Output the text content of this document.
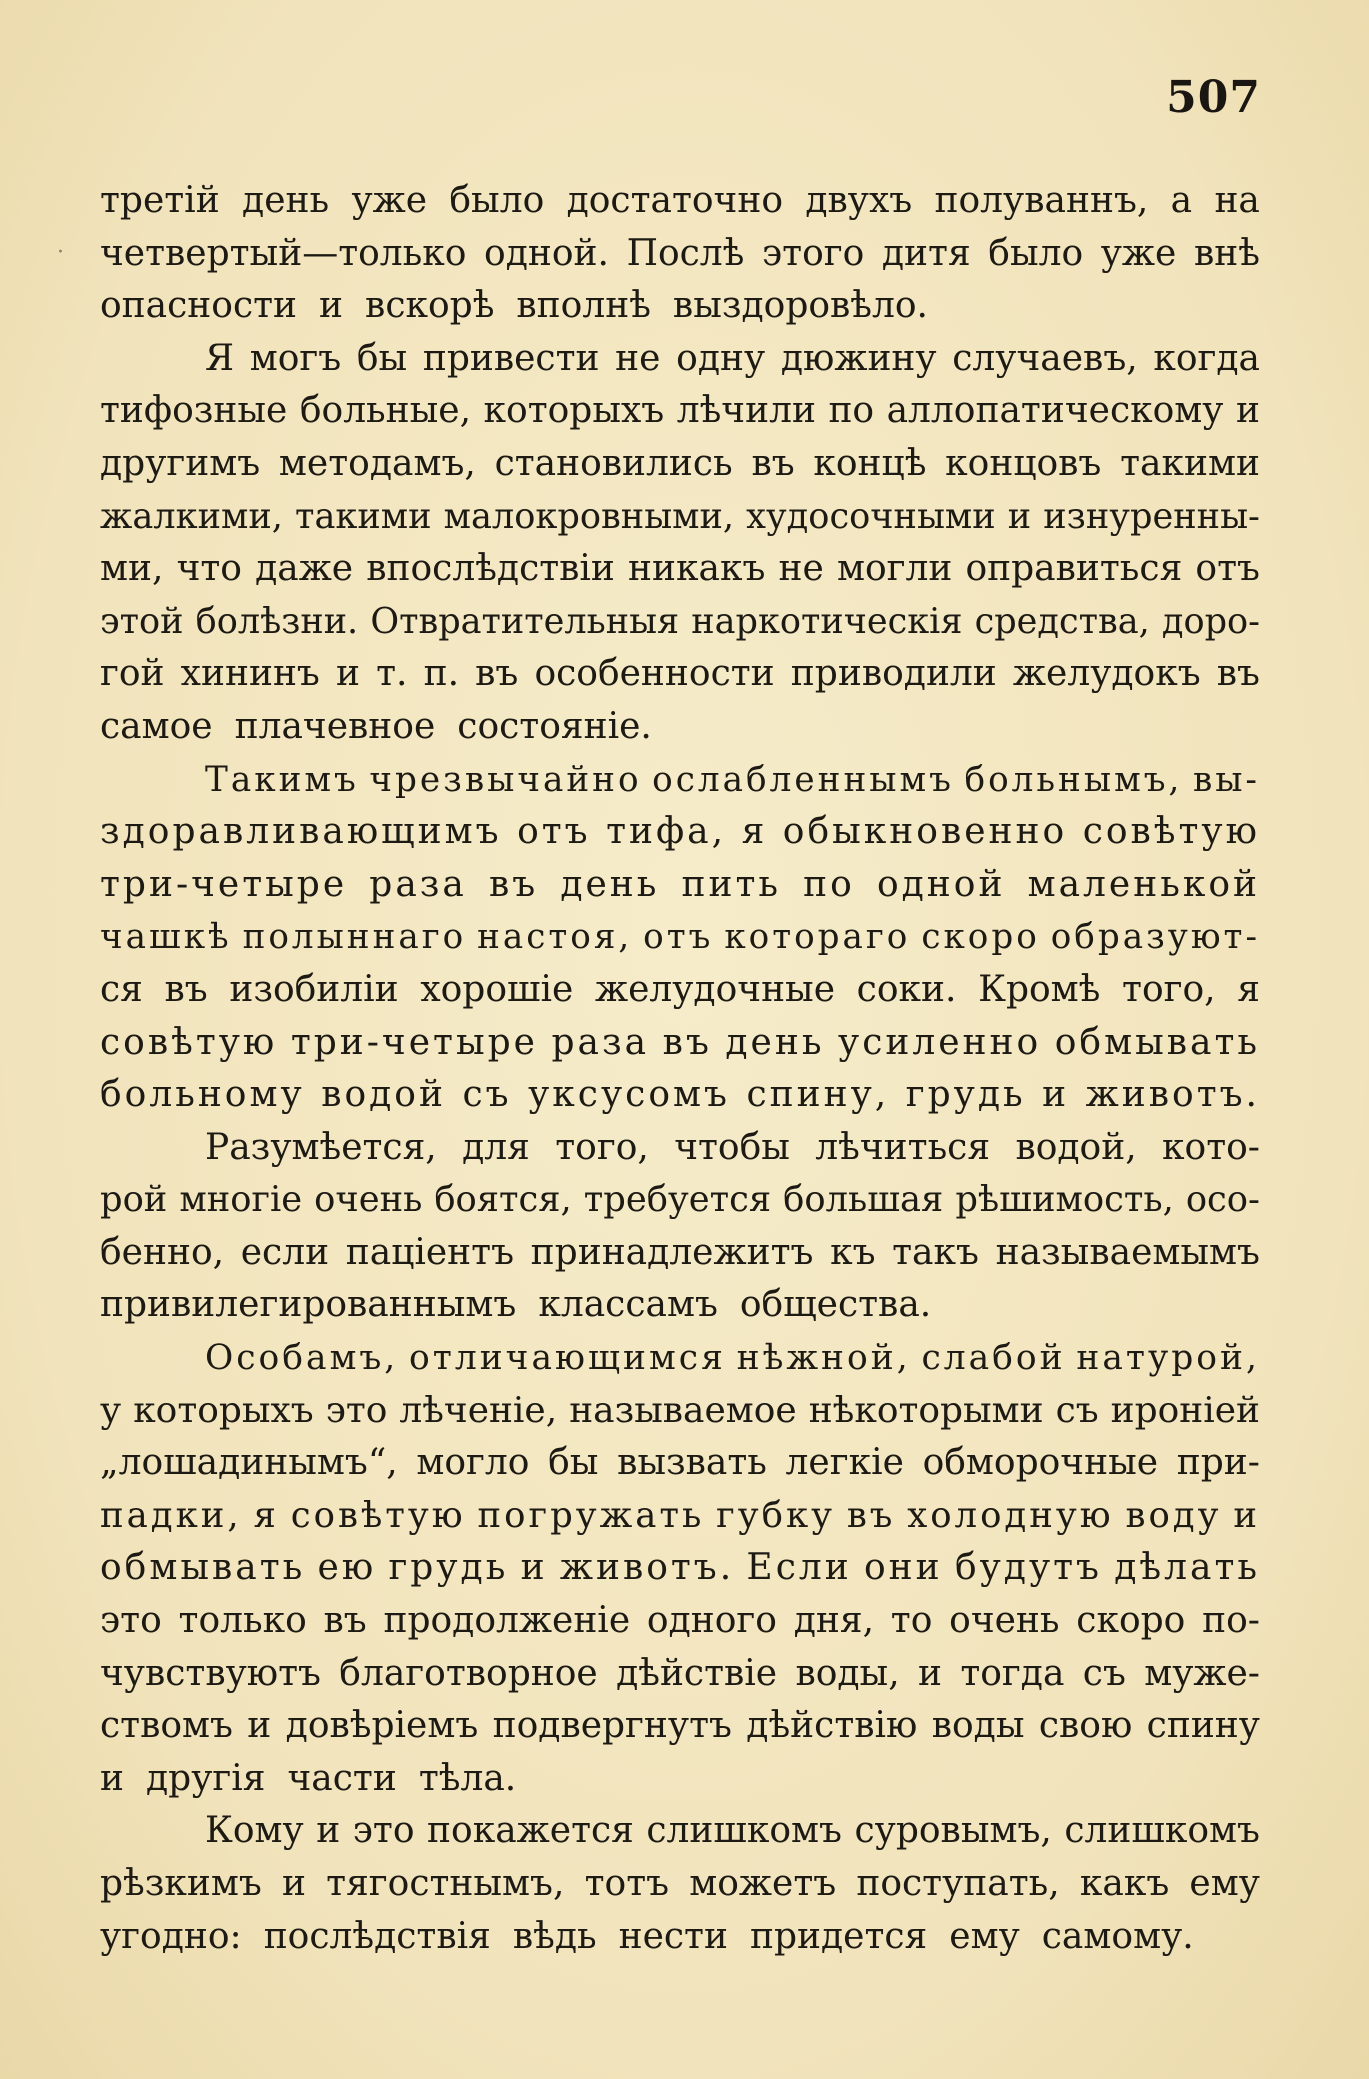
507
·
третій день уже было достаточно двухъ полуваннъ, а на
четвертый—только одной. Послѣ этого дитя было уже внѣ
опасности и вскорѣ вполнѣ выздоровѣло.
Я могъ бы привести не одну дюжину случаевъ, когда
тифозные больные, которыхъ лѣчили по аллопатическому и
другимъ методамъ, становились въ концѣ концовъ такими
жалкими, такими малокровными, худосочными и изнуренны-
ми, что даже впослѣдствіи никакъ не могли оправиться отъ
этой болѣзни. Отвратительныя наркотическія средства, доро-
гой хининъ и т. п. въ особенности приводили желудокъ въ
самое плачевное состояніе.
Такимъ чрезвычайно ослабленнымъ больнымъ, вы-
здоравливающимъ отъ тифа, я обыкновенно совѣтую
три-четыре раза въ день пить по одной маленькой
чашкѣ полыннаго настоя, отъ котораго скоро образуют-
ся въ изобиліи хорошіе желудочные соки. Кромѣ того, я
совѣтую три-четыре раза въ день усиленно обмывать
больному водой съ уксусомъ спину, грудь и животъ.
Разумѣется, для того, чтобы лѣчиться водой, кото-
рой многіе очень боятся, требуется большая рѣшимость, осо-
бенно, если паціентъ принадлежитъ къ такъ называемымъ
привилегированнымъ классамъ общества.
Особамъ, отличающимся нѣжной, слабой натурой,
у которыхъ это лѣченіе, называемое нѣкоторыми съ ироніей
„лошадинымъ“, могло бы вызвать легкіе обморочные при-
падки, я совѣтую погружать губку въ холодную воду и
обмывать ею грудь и животъ. Если они будутъ дѣлать
это только въ продолженіе одного дня, то очень скоро по-
чувствуютъ благотворное дѣйствіе воды, и тогда съ муже-
ствомъ и довѣріемъ подвергнутъ дѣйствію воды свою спину
и другія части тѣла.
Кому и это покажется слишкомъ суровымъ, слишкомъ
рѣзкимъ и тягостнымъ, тотъ можетъ поступать, какъ ему
угодно: послѣдствія вѣдь нести придется ему самому.
